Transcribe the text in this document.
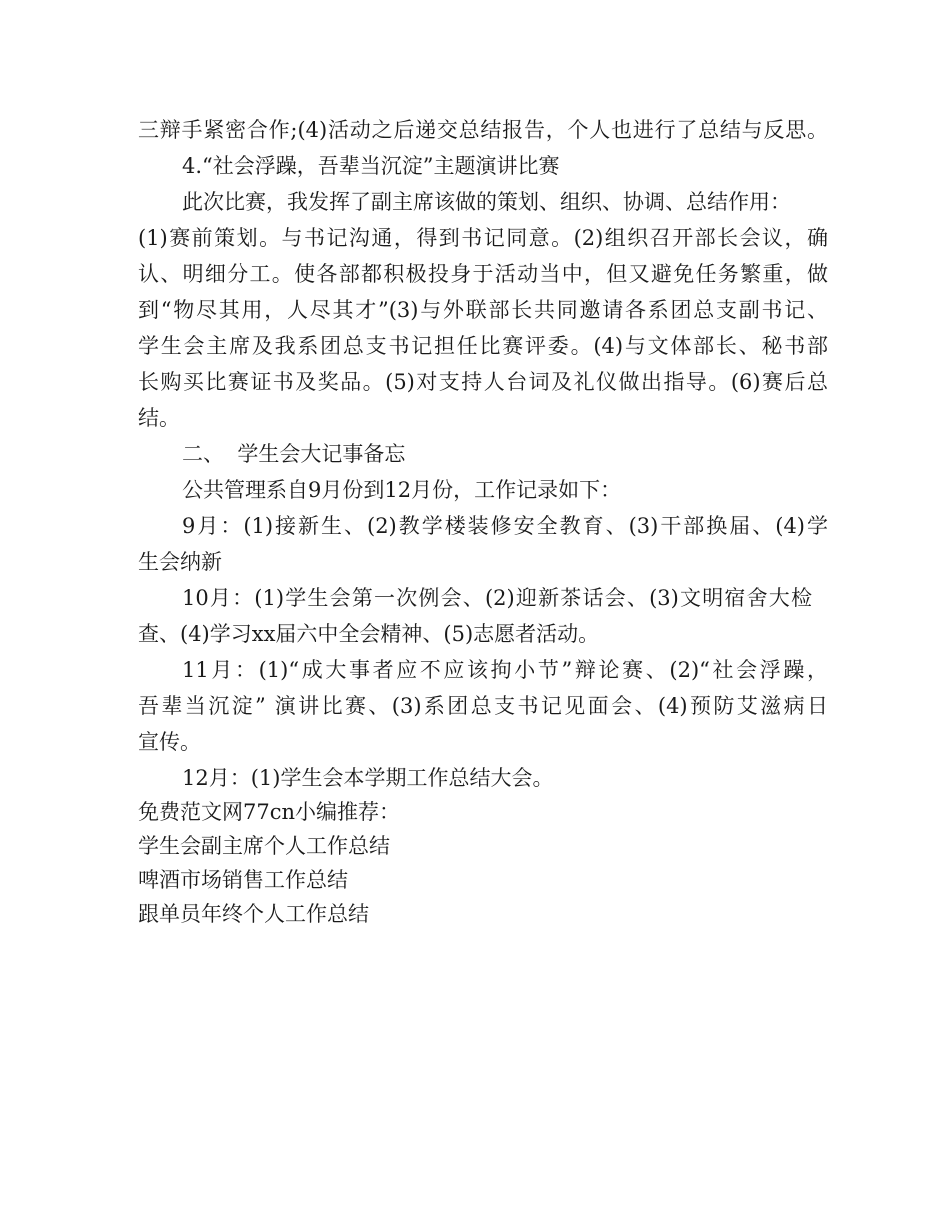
三辩手紧密合作;(4)活动之后递交总结报告，个人也进行了总结与反思。
4.“社会浮躁，吾辈当沉淀”主题演讲比赛
此次比赛，我发挥了副主席该做的策划、组织、协调、总结作用：
(1)赛前策划。与书记沟通，得到书记同意。(2)组织召开部长会议，确
认、明细分工。使各部都积极投身于活动当中，但又避免任务繁重，做
到“物尽其用，人尽其才”(3)与外联部长共同邀请各系团总支副书记、
学生会主席及我系团总支书记担任比赛评委。(4)与文体部长、秘书部
长购买比赛证书及奖品。(5)对支持人台词及礼仪做出指导。(6)赛后总
结。
二、  学生会大记事备忘
公共管理系自9月份到12月份，工作记录如下：
9月：(1)接新生、(2)教学楼装修安全教育、(3)干部换届、(4)学
生会纳新
10月：(1)学生会第一次例会、(2)迎新茶话会、(3)文明宿舍大检
查、(4)学习xx届六中全会精神、(5)志愿者活动。
11月：(1)“成大事者应不应该拘小节”辩论赛、(2)“社会浮躁，
吾辈当沉淀” 演讲比赛、(3)系团总支书记见面会、(4)预防艾滋病日
宣传。
12月：(1)学生会本学期工作总结大会。
免费范文网77cn小编推荐：
学生会副主席个人工作总结
啤酒市场销售工作总结
跟单员年终个人工作总结
